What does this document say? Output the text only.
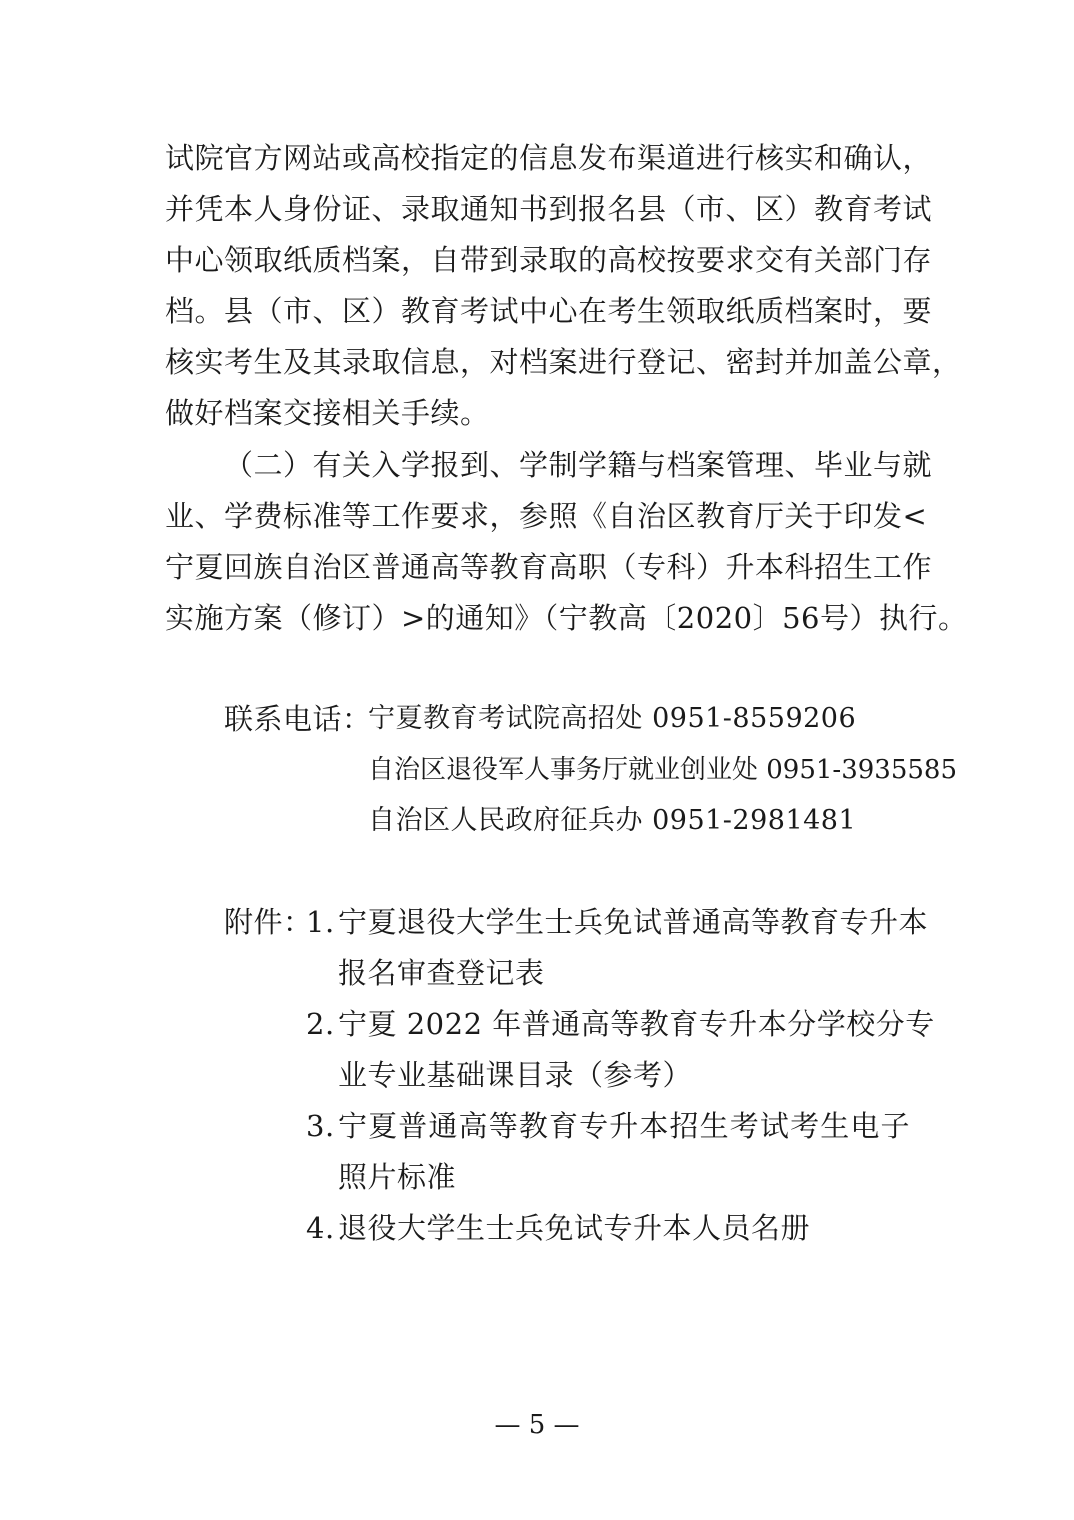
试院官方网站或高校指定的信息发布渠道进行核实和确认，
并凭本人身份证、录取通知书到报名县（市、区）教育考试
中心领取纸质档案，自带到录取的高校按要求交有关部门存
档。县（市、区）教育考试中心在考生领取纸质档案时，要
核实考生及其录取信息，对档案进行登记、密封并加盖公章，
做好档案交接相关手续。
（二）有关入学报到、学制学籍与档案管理、毕业与就
业、学费标准等工作要求，参照《自治区教育厅关于印发<
宁夏回族自治区普通高等教育高职（专科）升本科招生工作
实施方案（修订）>的通知》（宁教高〔2020〕56号）执行。
联系电话：
宁夏教育考试院高招处 0951-8559206
自治区退役军人事务厅就业创业处 0951-3935585
自治区人民政府征兵办 0951-2981481
附件：
1. 宁夏退役大学生士兵免试普通高等教育专升本
报名审查登记表
2. 宁夏 2022 年普通高等教育专升本分学校分专
业专业基础课目录（参考）
3. 宁夏普通高等教育专升本招生考试考生电子
照片标准
4. 退役大学生士兵免试专升本人员名册
— 5 —
